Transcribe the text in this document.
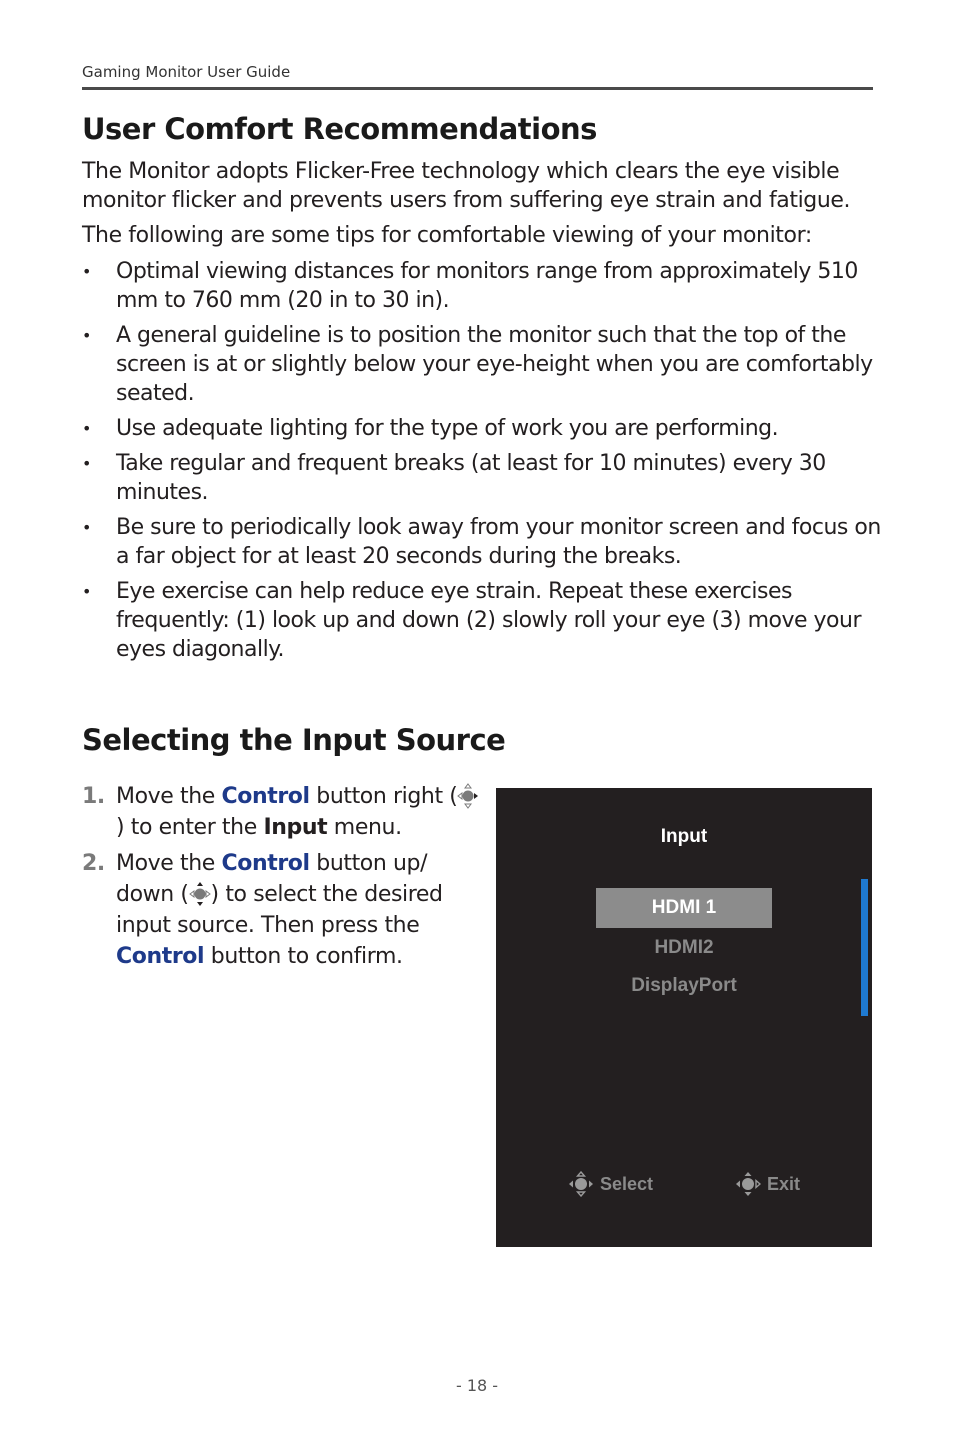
Gaming Monitor User Guide
User Comfort Recommendations

The Monitor adopts Flicker-Free technology which clears the eye visible monitor flicker and prevents users from suffering eye strain and fatigue.

The following are some tips for comfortable viewing of your monitor:

• Optimal viewing distances for monitors range from approximately 510 mm to 760 mm (20 in to 30 in).
• A general guideline is to position the monitor such that the top of the screen is at or slightly below your eye-height when you are comfortably seated.
• Use adequate lighting for the type of work you are performing.
• Take regular and frequent breaks (at least for 10 minutes) every 30 minutes.
• Be sure to periodically look away from your monitor screen and focus on a far object for at least 20 seconds during the breaks.
• Eye exercise can help reduce eye strain. Repeat these exercises frequently: (1) look up and down (2) slowly roll your eye (3) move your eyes diagonally.
Selecting the Input Source
1. Move the Control button right () to enter the Input menu.
2. Move the Control button up/ down ( ) to select the desired input source. Then press the Control button to confirm.
Input
HDMI 1
HDMI2
DisplayPort
Select	Exit
- 18 -
